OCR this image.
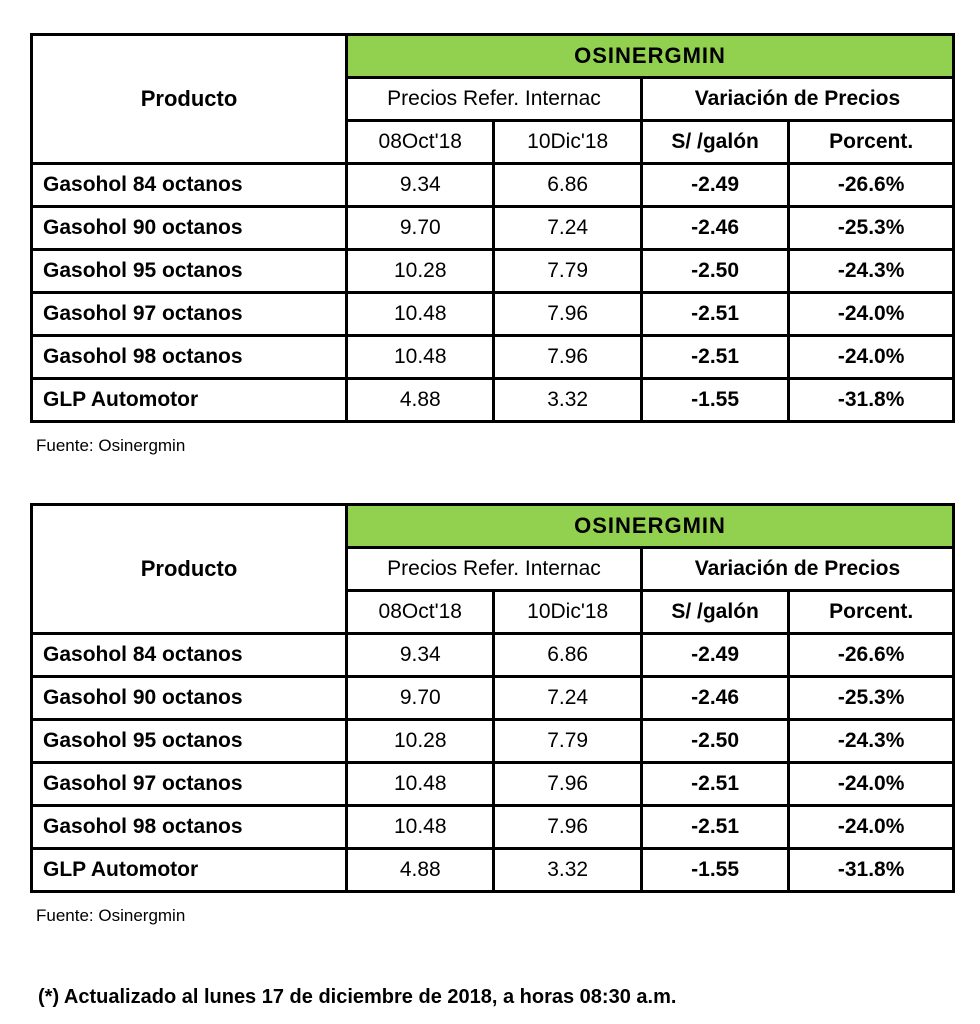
Producto	OSINERGMIN			
	Precios Refer. Internac		Variación de Precios	
	08Oct'18	10Dic'18	S/ /galón	Porcent.
Gasohol 84 octanos	9.34	6.86	-2.49	-26.6%
Gasohol 90 octanos	9.70	7.24	-2.46	-25.3%
Gasohol 95 octanos	10.28	7.79	-2.50	-24.3%
Gasohol 97 octanos	10.48	7.96	-2.51	-24.0%
Gasohol 98 octanos	10.48	7.96	-2.51	-24.0%
GLP Automotor	4.88	3.32	-1.55	-31.8%
Fuente: Osinergmin
Producto	OSINERGMIN			
	Precios Refer. Internac		Variación de Precios	
	08Oct'18	10Dic'18	S/ /galón	Porcent.
Gasohol 84 octanos	9.34	6.86	-2.49	-26.6%
Gasohol 90 octanos	9.70	7.24	-2.46	-25.3%
Gasohol 95 octanos	10.28	7.79	-2.50	-24.3%
Gasohol 97 octanos	10.48	7.96	-2.51	-24.0%
Gasohol 98 octanos	10.48	7.96	-2.51	-24.0%
GLP Automotor	4.88	3.32	-1.55	-31.8%
Fuente: Osinergmin
(*) Actualizado al lunes 17 de diciembre de 2018, a horas 08:30 a.m.
